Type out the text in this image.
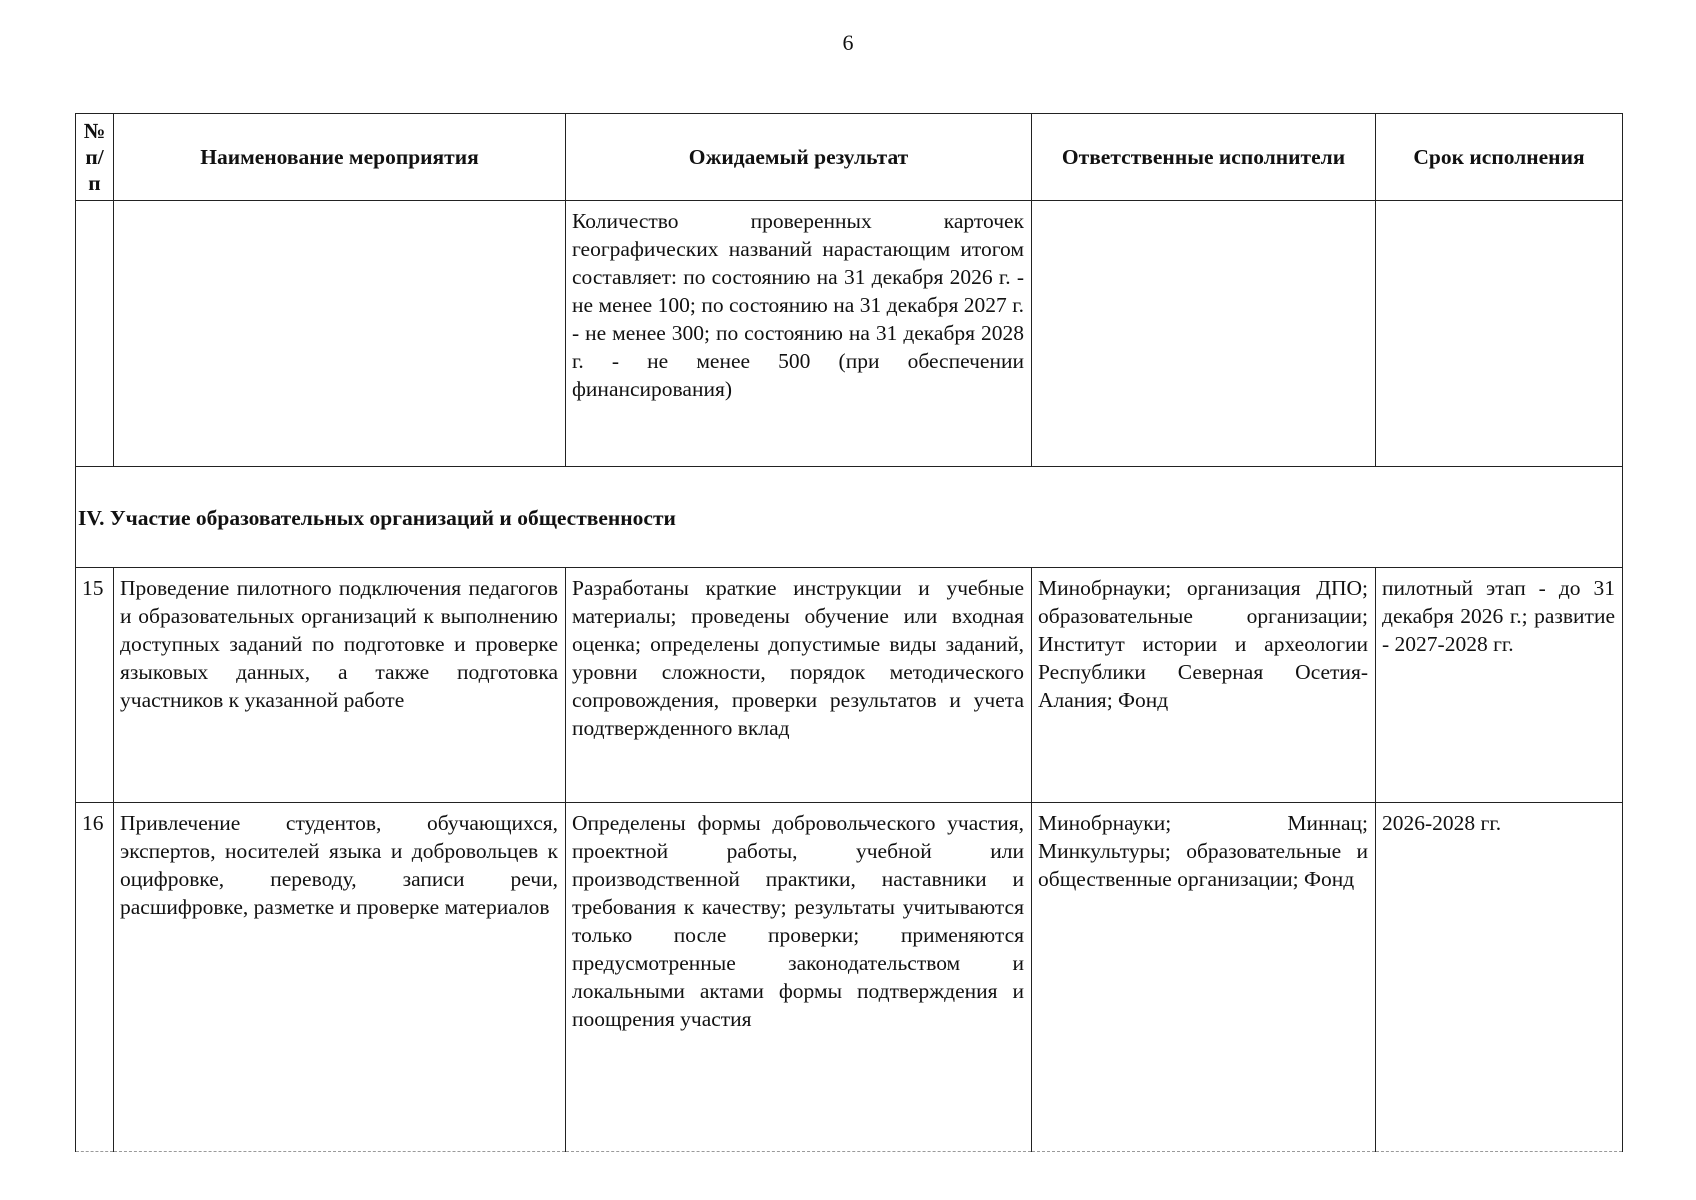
6
№ п/п	Наименование мероприятия	Ожидаемый результат	Ответственные исполнители	Срок исполнения
		Количество проверенных карточек географических названий нарастающим итогом составляет: по состоянию на 31 декабря 2026 г. - не менее 100; по состоянию на 31 декабря 2027 г. - не менее 300; по состоянию на 31 декабря 2028 г. - не менее 500 (при обеспечении финансирования)		
IV. Участие образовательных организаций и общественности				
15	Проведение пилотного подключения педагогов и образовательных организаций к выполнению доступных заданий по подготовке и проверке языковых данных, а также подготовка участников к указанной работе	Разработаны краткие инструкции и учебные материалы; проведены обучение или входная оценка; определены допустимые виды заданий, уровни сложности, порядок методического сопровождения, проверки результатов и учета подтвержденного вклад	Минобрнауки; организация ДПО; образовательные организации; Институт истории и археологии Республики Северная Осетия-Алания; Фонд	пилотный этап - до 31 декабря 2026 г.; развитие - 2027-2028 гг.
16	Привлечение студентов, обучающихся, экспертов, носителей языка и добровольцев к оцифровке, переводу, записи речи, расшифровке, разметке и проверке материалов	Определены формы добровольческого участия, проектной работы, учебной или производственной практики, наставники и требования к качеству; результаты учитываются только после проверки; применяются предусмотренные законодательством и локальными актами формы подтверждения и поощрения участия	Минобрнауки; Миннац; Минкультуры; образовательные и общественные организации; Фонд	2026-2028 гг.
